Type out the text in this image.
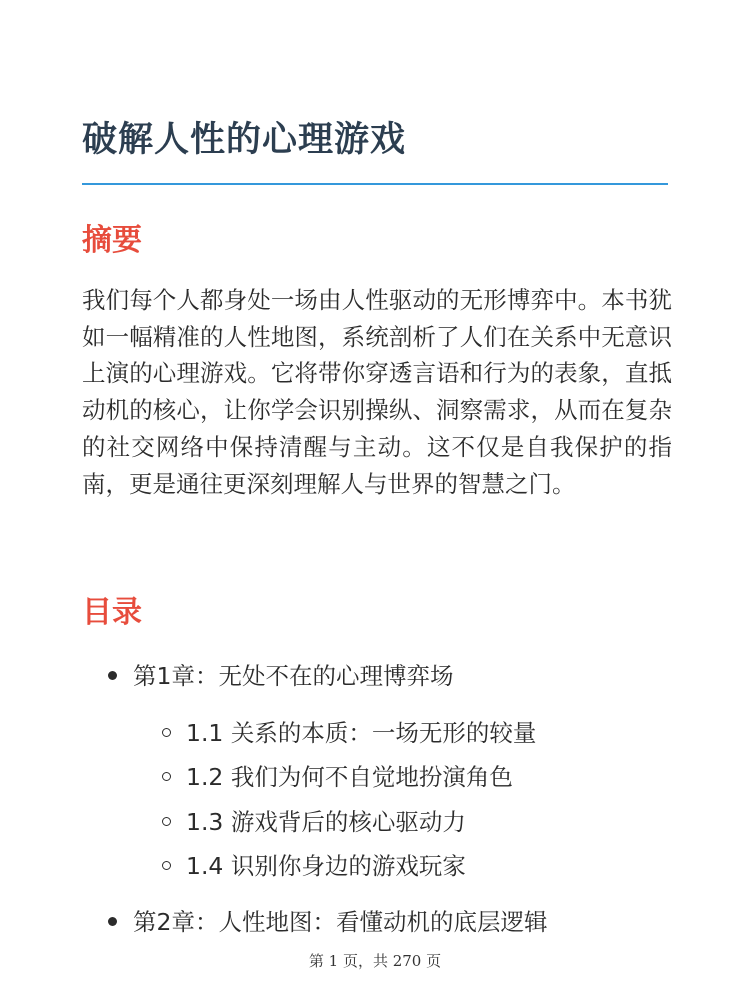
破解人性的心理游戏
摘要

我们每个人都身处一场由人性驱动的无形博弈中。本书犹如一幅精准的人性地图，系统剖析了人们在关系中无意识上演的心理游戏。它将带你穿透言语和行为的表象，直抵动机的核心，让你学会识别操纵、洞察需求，从而在复杂的社交网络中保持清醒与主动。这不仅是自我保护的指南，更是通往更深刻理解人与世界的智慧之门。

目录
第1章：无处不在的心理博弈场
1.1 关系的本质：一场无形的较量
1.2 我们为何不自觉地扮演角色
1.3 游戏背后的核心驱动力
1.4 识别你身边的游戏玩家
第2章：人性地图：看懂动机的底层逻辑
第 1 页，共 270 页
